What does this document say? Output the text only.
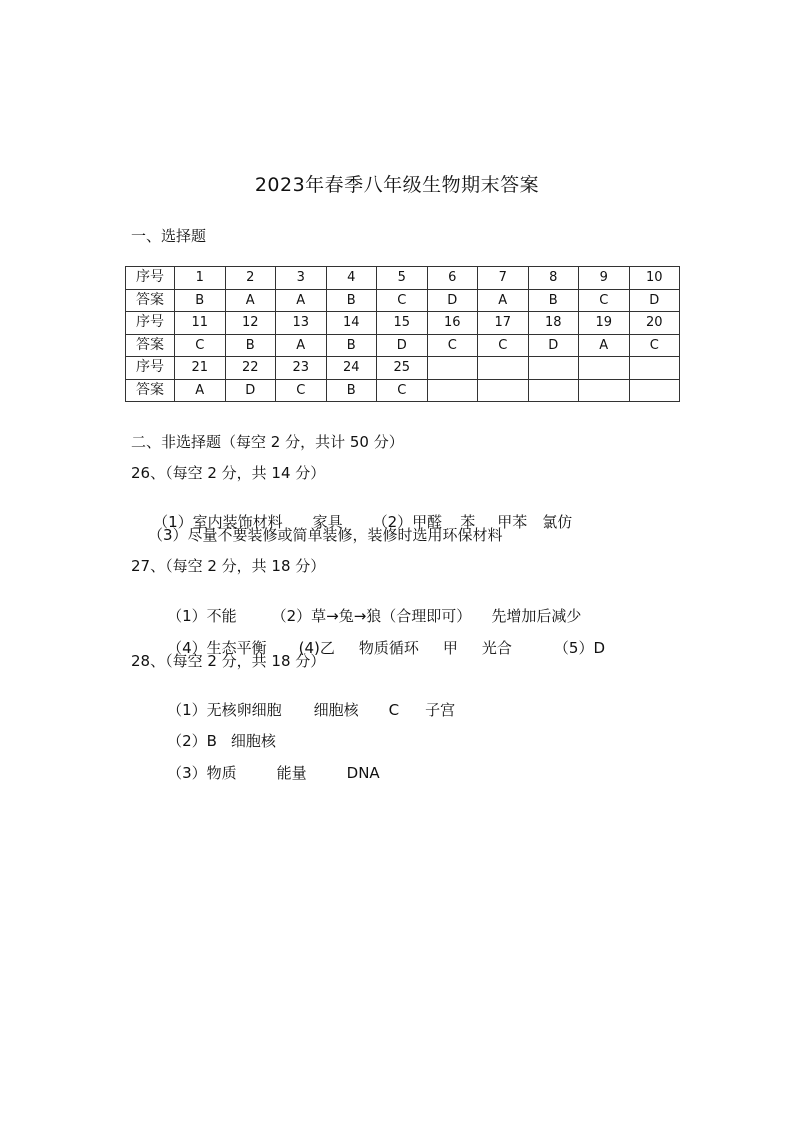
2023年春季八年级生物期末答案
一、选择题
序号	1	2	3	4	5	6	7	8	9	10
答案	B	A	A	B	C	D	A	B	C	D
序号	11	12	13	14	15	16	17	18	19	20
答案	C	B	A	B	D	C	C	D	A	C
序号	21	22	23	24	25					
答案	A	D	C	B	C					
二、非选择题（每空 2 分，共计 50 分）
26、（每空 2 分，共 14 分）

（1）室内装饰材料 家具 （2）甲醛 苯 甲苯 氯仿

（3）尽量不要装修或简单装修，装修时选用环保材料
27、（每空 2 分，共 18 分）

（1）不能 （2）草→兔→狼（合理即可） 先增加后减少

（4）生态平衡 (4)乙 物质循环 甲 光合	（5）D

28、（每空 2 分，共 18 分）

（1）无核卵细胞 细胞核 C 子宫

（2）B 细胞核

（3）物质	能量	DNA
